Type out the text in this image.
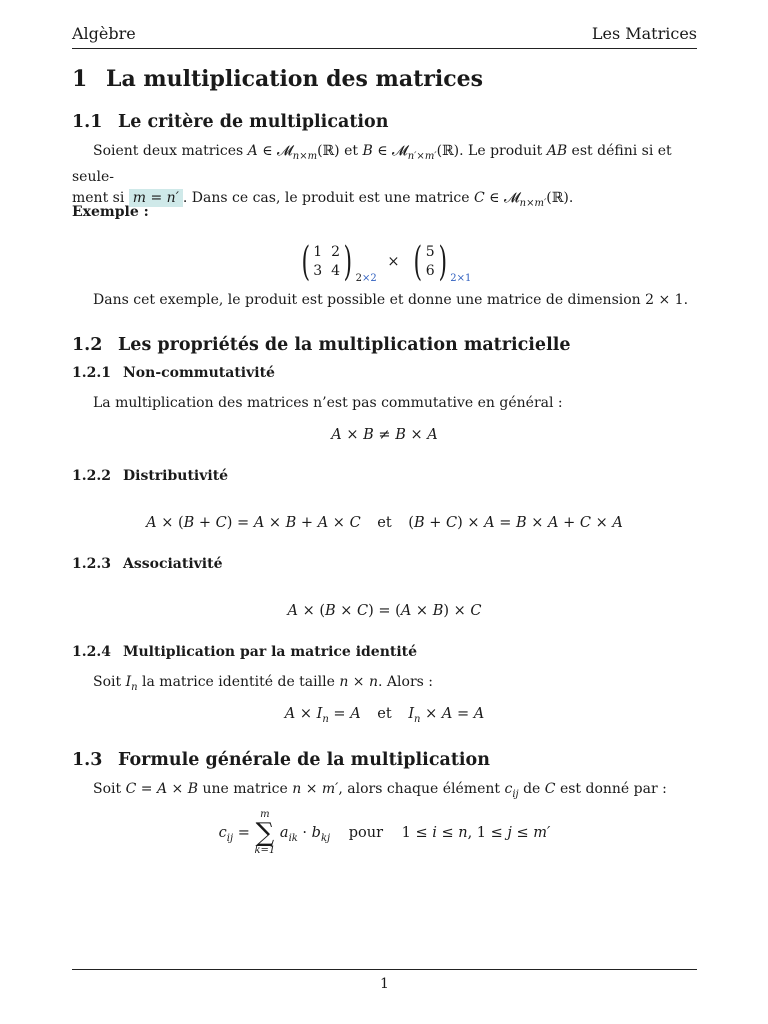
Algèbre	Les Matrices
1 La multiplication des matrices
1.1 Le critère de multiplication
Soient deux matrices A ∈ 𝓜$_{n\times m}$(ℝ) et B ∈ 𝓜$_{n'\times m'}$(ℝ). Le produit AB est défini si et seule-
ment si m = n′ . Dans ce cas, le produit est une matrice C ∈ 𝓜$_{n\times m'}$(ℝ).
Exemple :
( 1 2
3 4 ) 2×2
× ( 5
6 ) 2×1
Dans cet exemple, le produit est possible et donne une matrice de dimension 2 × 1.
1.2 Les propriétés de la multiplication matricielle
1.2.1 Non-commutativité
La multiplication des matrices n’est pas commutative en général :
A × B ≠ B × A
1.2.2 Distributivité
A × (B + C) = A × B + A × C et (B + C) × A = B × A + C × A
1.2.3 Associativité
A × (B × C) = (A × B) × C
1.2.4 Multiplication par la matrice identité
Soit $I_n$ la matrice identité de taille n × n. Alors :
$A \times I_n = A$ et $I_n \times A = A$
1.3 Formule générale de la multiplication
Soit C = A × B une matrice n × m′, alors chaque élément $c_{ij}$ de C est donné par :
$c_{ij}$ =
m
∑
k=1
$a_{ik} \cdot b_{kj}$ pour 1 ≤ i ≤ n, 1 ≤ j ≤ m′
1
